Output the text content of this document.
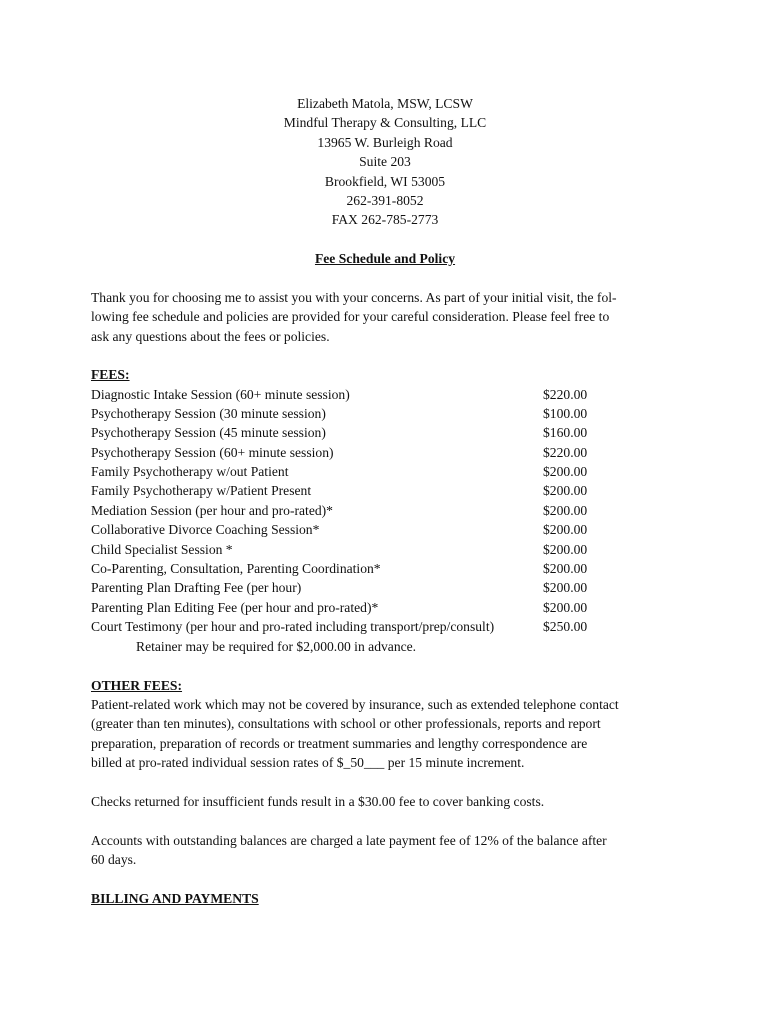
Elizabeth Matola, MSW, LCSW
Mindful Therapy & Consulting, LLC
13965 W. Burleigh Road
Suite 203
Brookfield, WI 53005
262-391-8052
FAX 262-785-2773
Fee Schedule and Policy
Thank you for choosing me to assist you with your concerns. As part of your initial visit, the fol-
lowing fee schedule and policies are provided for your careful consideration. Please feel free to
ask any questions about the fees or policies.
FEES:
Diagnostic Intake Session (60+ minute session)	$220.00
Psychotherapy Session (30 minute session)	$100.00
Psychotherapy Session (45 minute session)	$160.00
Psychotherapy Session (60+ minute session)	$220.00
Family Psychotherapy w/out Patient	$200.00
Family Psychotherapy w/Patient Present	$200.00
Mediation Session (per hour and pro-rated)*	$200.00
Collaborative Divorce Coaching Session*	$200.00
Child Specialist Session *	$200.00
Co-Parenting, Consultation, Parenting Coordination*	$200.00
Parenting Plan Drafting Fee (per hour)	$200.00
Parenting Plan Editing Fee (per hour and pro-rated)*	$200.00
Court Testimony (per hour and pro-rated including transport/prep/consult)	$250.00
Retainer may be required for $2,000.00 in advance.
OTHER FEES:
Patient-related work which may not be covered by insurance, such as extended telephone contact
(greater than ten minutes), consultations with school or other professionals, reports and report
preparation, preparation of records or treatment summaries and lengthy correspondence are
billed at pro-rated individual session rates of $_50___ per 15 minute increment.
Checks returned for insufficient funds result in a $30.00 fee to cover banking costs.
Accounts with outstanding balances are charged a late payment fee of 12% of the balance after
60 days.
BILLING AND PAYMENTS
